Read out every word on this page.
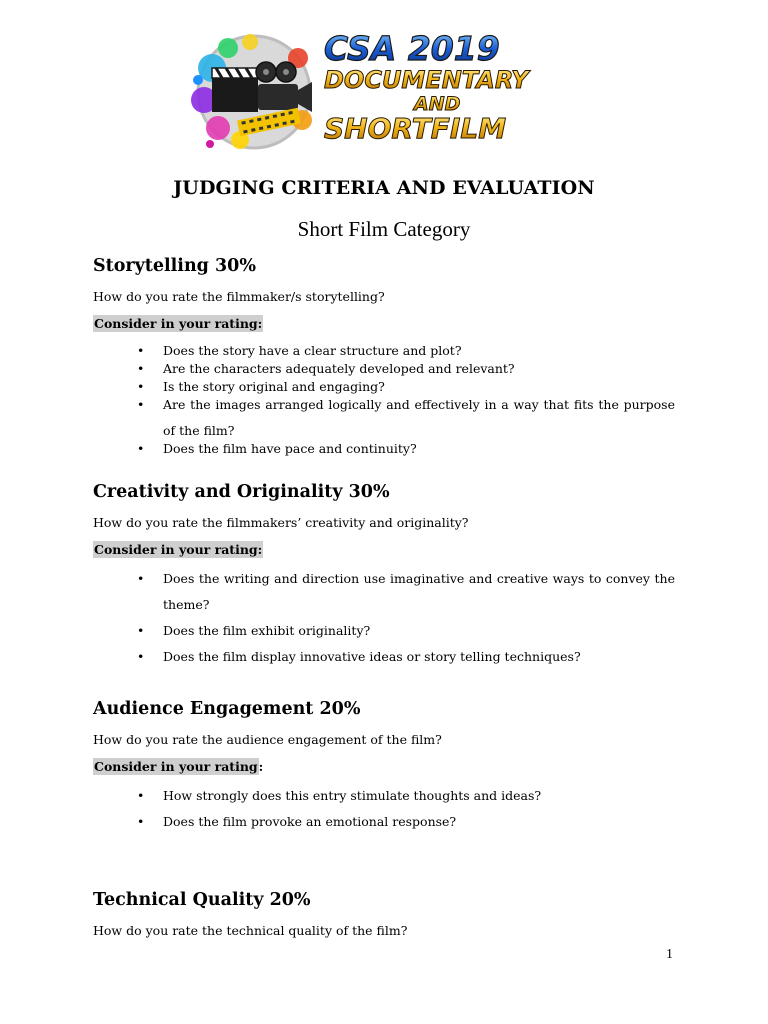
CSA 2019
DOCUMENTARY
AND
SHORTFILM
JUDGING CRITERIA AND EVALUATION
Short Film Category

Storytelling 30%

How do you rate the filmmaker/s storytelling?

Consider in your rating:
• Does the story have a clear structure and plot?
• Are the characters adequately developed and relevant?
• Is the story original and engaging?
• Are the images arranged logically and effectively in a way that fits the purpose of the film?
• Does the film have pace and continuity?

Creativity and Originality 30%

How do you rate the filmmakers’ creativity and originality?

Consider in your rating:
• Does the writing and direction use imaginative and creative ways to convey the theme?
• Does the film exhibit originality?
• Does the film display innovative ideas or story telling techniques?

Audience Engagement 20%

How do you rate the audience engagement of the film?

Consider in your rating:
• How strongly does this entry stimulate thoughts and ideas?
• Does the film provoke an emotional response?

Technical Quality 20%

How do you rate the technical quality of the film?

1
